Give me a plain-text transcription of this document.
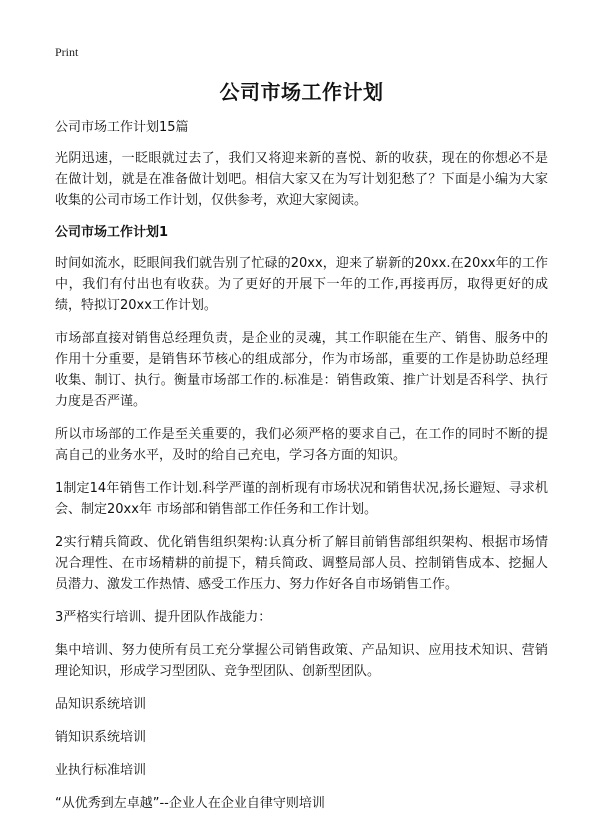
Print
公司市场工作计划
公司市场工作计划15篇

光阴迅速，一眨眼就过去了，我们又将迎来新的喜悦、新的收获，现在的你想必不是在做计划，就是在准备做计划吧。相信大家又在为写计划犯愁了？下面是小编为大家收集的公司市场工作计划，仅供参考，欢迎大家阅读。

公司市场工作计划1

时间如流水，眨眼间我们就告别了忙碌的20xx，迎来了崭新的20xx.在20xx年的工作中，我们有付出也有收获。为了更好的开展下一年的工作,再接再厉，取得更好的成绩，特拟订20xx工作计划。

市场部直接对销售总经理负责，是企业的灵魂，其工作职能在生产、销售、服务中的作用十分重要，是销售环节核心的组成部分，作为市场部，重要的工作是协助总经理收集、制订、执行。衡量市场部工作的.标准是：销售政策、推广计划是否科学、执行力度是否严谨。

所以市场部的工作是至关重要的，我们必须严格的要求自己，在工作的同时不断的提高自己的业务水平，及时的给自己充电，学习各方面的知识。

1制定14年销售工作计划.科学严谨的剖析现有市场状况和销售状况,扬长避短、寻求机会、制定20xx年 市场部和销售部工作任务和工作计划。

2实行精兵简政、优化销售组织架构:认真分析了解目前销售部组织架构、根据市场情况合理性、在市场精耕的前提下，精兵简政、调整局部人员、控制销售成本、挖掘人员潜力、激发工作热情、感受工作压力、努力作好各自市场销售工作。

3严格实行培训、提升团队作战能力：

集中培训、努力使所有员工充分掌握公司销售政策、产品知识、应用技术知识、营销理论知识，形成学习型团队、竞争型团队、创新型团队。

品知识系统培训
销知识系统培训
业执行标准培训
“从优秀到左卓越”--企业人在企业自律守则培训
